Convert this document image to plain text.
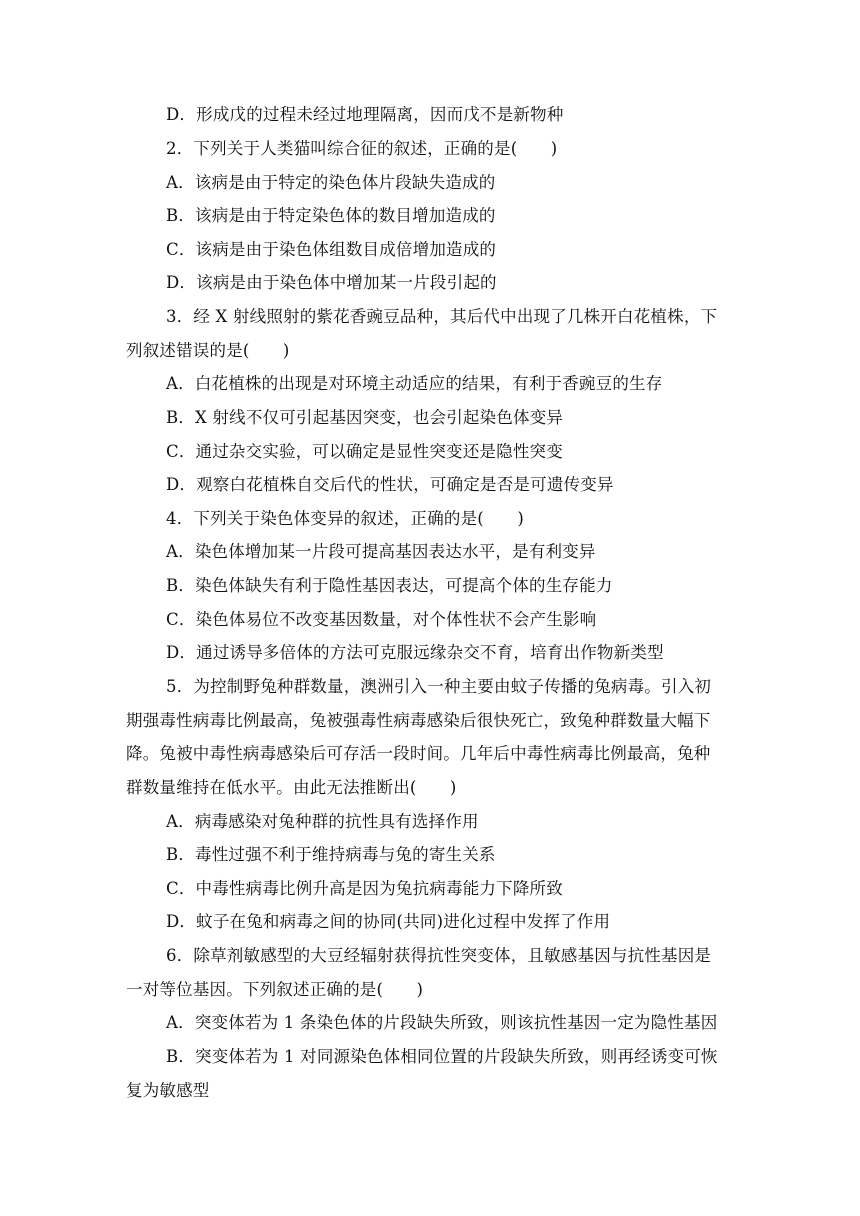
D．形成戊的过程未经过地理隔离，因而戊不是新物种
2．下列关于人类猫叫综合征的叙述，正确的是(　　)
A．该病是由于特定的染色体片段缺失造成的
B．该病是由于特定染色体的数目增加造成的
C．该病是由于染色体组数目成倍增加造成的
D．该病是由于染色体中增加某一片段引起的
3．经 X 射线照射的紫花香豌豆品种，其后代中出现了几株开白花植株，下
列叙述错误的是(　　)
A．白花植株的出现是对环境主动适应的结果，有利于香豌豆的生存
B．X 射线不仅可引起基因突变，也会引起染色体变异
C．通过杂交实验，可以确定是显性突变还是隐性突变
D．观察白花植株自交后代的性状，可确定是否是可遗传变异
4．下列关于染色体变异的叙述，正确的是(　　)
A．染色体增加某一片段可提高基因表达水平，是有利变异
B．染色体缺失有利于隐性基因表达，可提高个体的生存能力
C．染色体易位不改变基因数量，对个体性状不会产生影响
D．通过诱导多倍体的方法可克服远缘杂交不育，培育出作物新类型
5．为控制野兔种群数量，澳洲引入一种主要由蚊子传播的兔病毒。引入初
期强毒性病毒比例最高，兔被强毒性病毒感染后很快死亡，致兔种群数量大幅下
降。兔被中毒性病毒感染后可存活一段时间。几年后中毒性病毒比例最高，兔种
群数量维持在低水平。由此无法推断出(　　)
A．病毒感染对兔种群的抗性具有选择作用
B．毒性过强不利于维持病毒与兔的寄生关系
C．中毒性病毒比例升高是因为兔抗病毒能力下降所致
D．蚊子在兔和病毒之间的协同(共同)进化过程中发挥了作用
6．除草剂敏感型的大豆经辐射获得抗性突变体，且敏感基因与抗性基因是
一对等位基因。下列叙述正确的是(　　)
A．突变体若为 1 条染色体的片段缺失所致，则该抗性基因一定为隐性基因
B．突变体若为 1 对同源染色体相同位置的片段缺失所致，则再经诱变可恢
复为敏感型
